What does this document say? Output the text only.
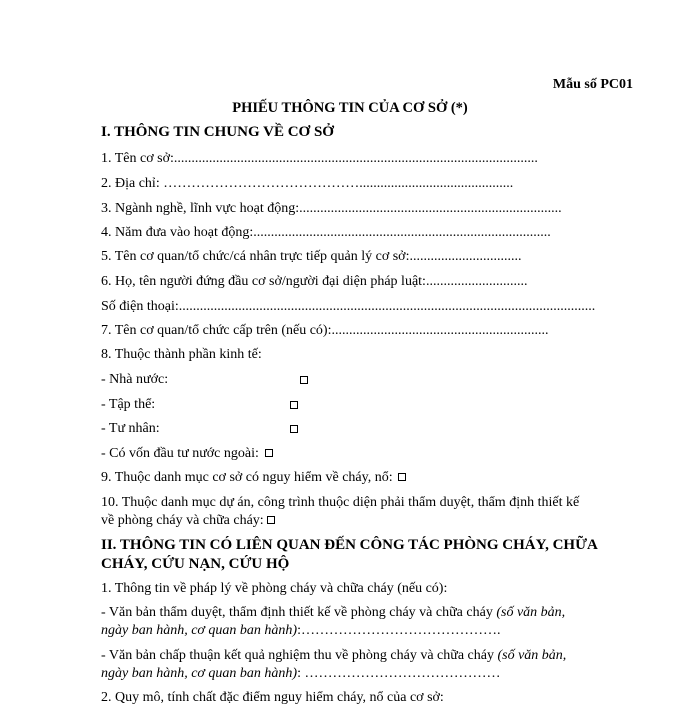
Mẫu số PC01
PHIẾU THÔNG TIN CỦA CƠ SỞ (*)
I. THÔNG TIN CHUNG VỀ CƠ SỞ
1. Tên cơ sở:........................................................................................................
2. Địa chỉ: ……………………………………............................................
3. Ngành nghề, lĩnh vực hoạt động:...........................................................................
4. Năm đưa vào hoạt động:.....................................................................................
5. Tên cơ quan/tổ chức/cá nhân trực tiếp quản lý cơ sở:................................
6. Họ, tên người đứng đầu cơ sở/người đại diện pháp luật:.............................
Số điện thoại:.......................................................................................................................
7. Tên cơ quan/tổ chức cấp trên (nếu có):..............................................................
8. Thuộc thành phần kinh tế:
- Nhà nước:
- Tập thể:
- Tư nhân:
- Có vốn đầu tư nước ngoài:
9. Thuộc danh mục cơ sở có nguy hiểm về cháy, nổ:
10. Thuộc danh mục dự án, công trình thuộc diện phải thẩm duyệt, thẩm định thiết kế
về phòng cháy và chữa cháy:
II. THÔNG TIN CÓ LIÊN QUAN ĐẾN CÔNG TÁC PHÒNG CHÁY, CHỮA
CHÁY, CỨU NẠN, CỨU HỘ
1. Thông tin về pháp lý về phòng cháy và chữa cháy (nếu có):
- Văn bản thẩm duyệt, thẩm định thiết kế về phòng cháy và chữa cháy (số văn bản,
ngày ban hành, cơ quan ban hành):…………………………………….
- Văn bản chấp thuận kết quả nghiệm thu về phòng cháy và chữa cháy (số văn bản,
ngày ban hành, cơ quan ban hành): ……………………………………
2. Quy mô, tính chất đặc điểm nguy hiểm cháy, nổ của cơ sở:
